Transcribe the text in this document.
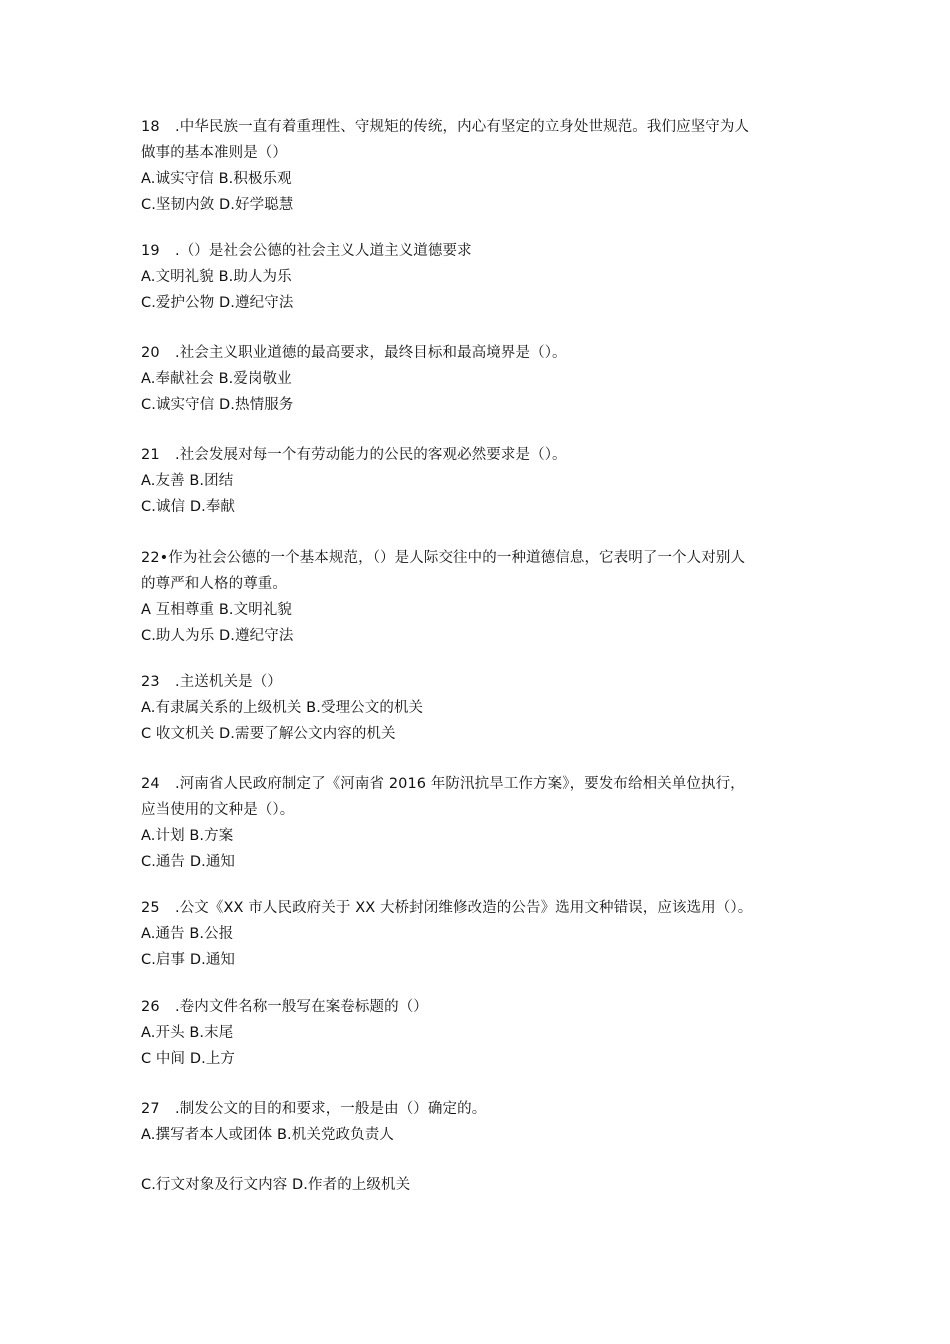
18 .中华民族一直有着重理性、守规矩的传统，内心有坚定的立身处世规范。我们应坚守为人
做事的基本准则是（）
A.诚实守信 B.积极乐观
C.坚韧内敛 D.好学聪慧
19 .（）是社会公德的社会主义人道主义道德要求
A.文明礼貌 B.助人为乐
C.爱护公物 D.遵纪守法
20 .社会主义职业道德的最高要求，最终目标和最高境界是（）。
A.奉献社会 B.爱岗敬业
C.诚实守信 D.热情服务
21 .社会发展对每一个有劳动能力的公民的客观必然要求是（）。
A.友善 B.团结
C.诚信 D.奉献
22•作为社会公德的一个基本规范，（）是人际交往中的一种道德信息，它表明了一个人对别人
的尊严和人格的尊重。
A 互相尊重 B.文明礼貌
C.助人为乐 D.遵纪守法
23 .主送机关是（）
A.有隶属关系的上级机关 B.受理公文的机关
C 收文机关 D.需要了解公文内容的机关
24 .河南省人民政府制定了《河南省 2016 年防汛抗旱工作方案》，要发布给相关单位执行，
应当使用的文种是（）。
A.计划 B.方案
C.通告 D.通知
25 .公文《XX 市人民政府关于 XX 大桥封闭维修改造的公告》选用文种错误，应该选用（）。
A.通告 B.公报
C.启事 D.通知
26 .卷内文件名称一般写在案卷标题的（）
A.开头 B.末尾
C 中间 D.上方
27 .制发公文的目的和要求，一般是由（）确定的。
A.撰写者本人或团体 B.机关党政负责人
C.行文对象及行文内容 D.作者的上级机关
